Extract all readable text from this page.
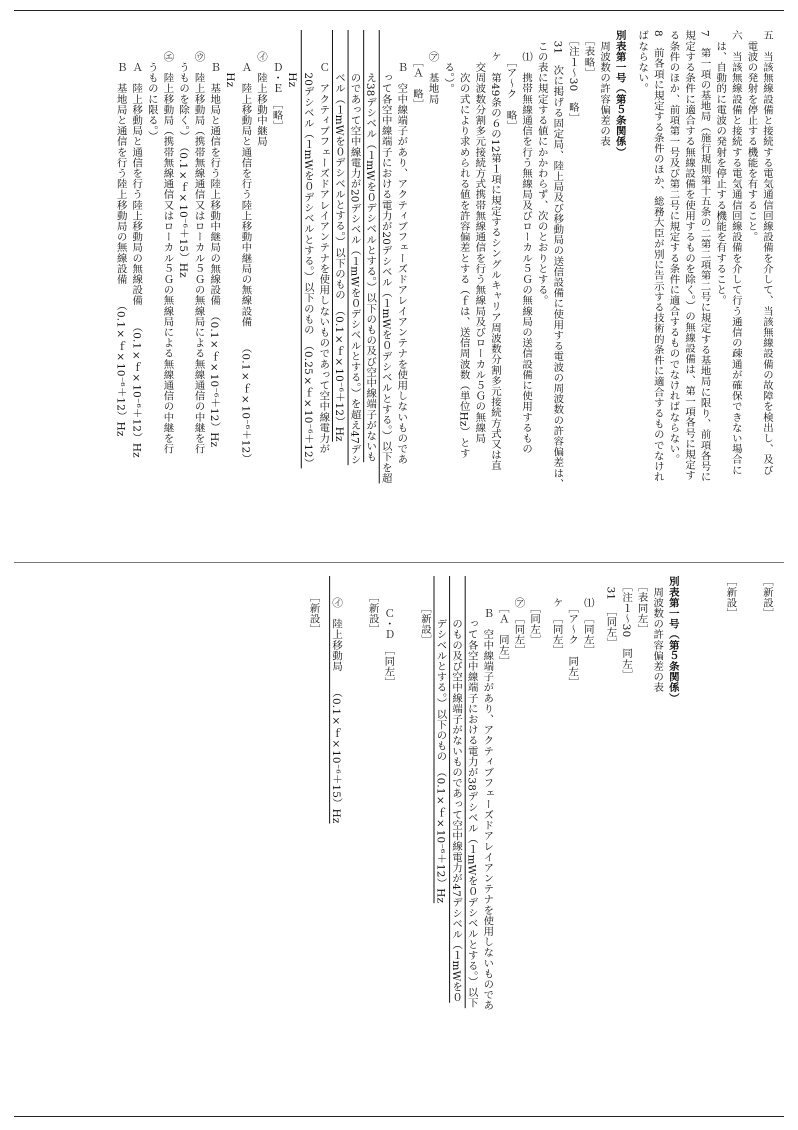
五　当該無線設備と接続する電気通信回線設備を介して、当該無線設備の故障を検出し、及び
　電波の発射を停止する機能を有すること。
六　当該無線設備と接続する電気通信回線設備を介して行う通信の疎通が確保できない場合に
　は、自動的に電波の発射を停止する機能を有すること。
7　第一項の基地局（施行規則第十五条の二第二項第二号に規定する基地局に限り、前項各号に
規定する条件に適合する無線設備を使用するものを除く。）の無線設備は、第一項各号に規定す
る条件のほか、前項第一号及び第二号に規定する条件に適合するものでなければならない。
8　前各項に規定する条件のほか、総務大臣が別に告示する技術的条件に適合するものでなけれ
ばならない。
別表第一号（第５条関係）
　周波数の許容偏差の表
　［表略］
　［注１～30　略］
　31　次に掲げる固定局、陸上局及び移動局の送信設備に使用する電波の周波数の許容偏差は、
　この表に規定する値にかかわらず、次のとおりとする。
　　⑴　携帯無線通信を行う無線局及びローカル５Ｇの無線局の送信設備に使用するもの
　　　［ア～ク　略］
　　ケ　第49条の６の12第１項に規定するシングルキャリア周波数分割多元接続方式又は直
　　　交周波数分割多元接続方式携帯無線通信を行う無線局及びローカル５Ｇの無線局
　　　　次の式により求められる値を許容偏差とする（ｆは、送信周波数（単位Hz）とす
　　　る。）。
　　㋐　基地局
　　　［Ａ　略］
　　　Ｂ　空中線端子があり、アクティブフェーズドアレイアンテナを使用しないものであ
　　　　って各空中線端子における電力が20デシベル（１mWを０デシベルとする。）以下を超
　　　　え38デシベル（１mWを０デシベルとする。）以下のもの及び空中線端子がないも
　　　　のであって空中線電力が20デシベル（１mWを０デシベルとする。）を超え47デシ
　　　　ベル（１mWを０デシベルとする。）以下のもの　（0.1×ｆ×10⁻⁶＋12）Hz
　　　Ｃ　アクティブフェーズドアレイアンテナを使用しないものであって空中線電力が
　　　　20デシベル（１mWを０デシベルとする。）以下のもの　（0.25×ｆ×10⁻⁶＋12）
　　　　Hz
　　　Ｄ・Ｅ　［略］
　　㋑　陸上移動中継局
　　　Ａ　陸上移動局と通信を行う陸上移動中継局の無線設備　　（0.1×ｆ×10⁻⁶＋12）
　　　　Hz
　　　Ｂ　基地局と通信を行う陸上移動中継局の無線設備　（0.1×ｆ×10⁻⁶＋12）Hz
　　㋒　陸上移動局（携帯無線通信又はローカル５Ｇの無線局による無線通信の中継を行
　　　うものを除く。）　（0.1×ｆ×10⁻⁶＋15）Hz
　　㋓　陸上移動局（携帯無線通信又はローカル５Ｇの無線局による無線通信の中継を行
　　　うものに限る。）
　　　Ａ　陸上移動局と通信を行う陸上移動局の無線設備　　（0.1×ｆ×10⁻⁶＋12）Hz
　　　Ｂ　基地局と通信を行う陸上移動局の無線設備　　（0.1×ｆ×10⁻⁶＋12）Hz
［新設］
［新設］
別表第一号（第５条関係）
　周波数の許容偏差の表
　［表同左］
　［注１～30　同左］
　31　［同左］
　　⑴　［同左］
　　　［ア～ク　同左］
　　ケ　［同左］
　　　［同左］
　　㋐　［同左］
　　　［Ａ　同左］
　　　Ｂ　空中線端子があり、アクティブフェーズドアレイアンテナを使用しないものであ
　　　　って各空中線端子における電力が38デシベル（１mWを０デシベルとする。）以下
　　　　のもの及び空中線端子がないものであって空中線電力が47デシベル（１mWを０
　　　　デシベルとする。）以下のもの　（0.1×ｆ×10⁻⁶＋12）Hz
　　　［新設］
　　　Ｃ・Ｄ　［同左］
　　［新設］
　　㋑　陸上移動局　　（0.1×ｆ×10⁻⁶＋15）Hz
　　［新設］
